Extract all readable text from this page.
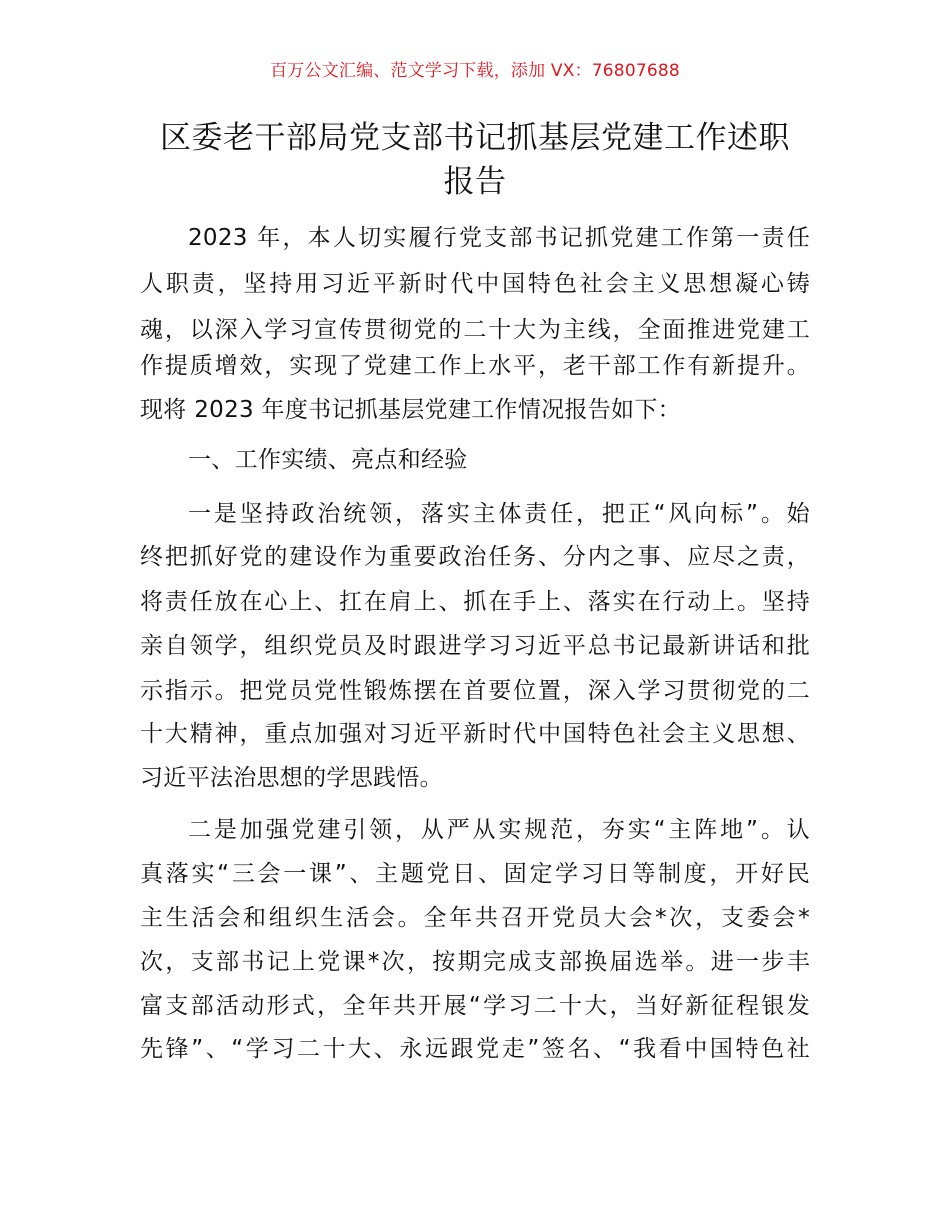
百万公文汇编、范文学习下载，添加 VX：76807688
区委老干部局党支部书记抓基层党建工作述职
报告
2023 年，本人切实履行党支部书记抓党建工作第一责任
人职责，坚持用习近平新时代中国特色社会主义思想凝心铸
魂，以深入学习宣传贯彻党的二十大为主线，全面推进党建工
作提质增效，实现了党建工作上水平，老干部工作有新提升。
现将 2023 年度书记抓基层党建工作情况报告如下：
一、工作实绩、亮点和经验
一是坚持政治统领，落实主体责任，把正“风向标”。始
终把抓好党的建设作为重要政治任务、分内之事、应尽之责，
将责任放在心上、扛在肩上、抓在手上、落实在行动上。坚持
亲自领学，组织党员及时跟进学习习近平总书记最新讲话和批
示指示。把党员党性锻炼摆在首要位置，深入学习贯彻党的二
十大精神，重点加强对习近平新时代中国特色社会主义思想、
习近平法治思想的学思践悟。
二是加强党建引领，从严从实规范，夯实“主阵地”。认
真落实“三会一课”、主题党日、固定学习日等制度，开好民
主生活会和组织生活会。全年共召开党员大会*次，支委会*
次，支部书记上党课*次，按期完成支部换届选举。进一步丰
富支部活动形式，全年共开展“学习二十大，当好新征程银发
先锋”、“学习二十大、永远跟党走”签名、“我看中国特色社
